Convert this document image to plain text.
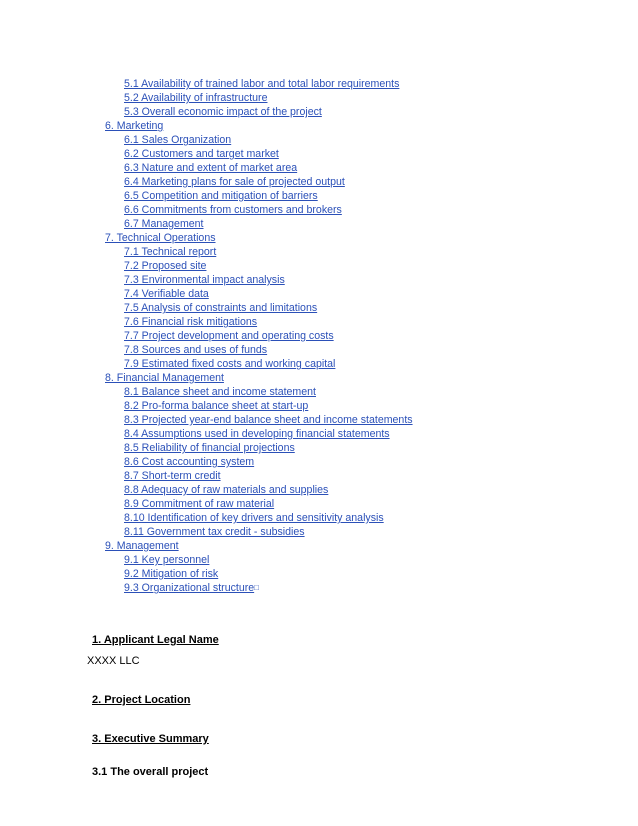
5.1 Availability of trained labor and total labor requirements
5.2 Availability of infrastructure
5.3 Overall economic impact of the project
6. Marketing
6.1 Sales Organization
6.2 Customers and target market
6.3 Nature and extent of market area
6.4 Marketing plans for sale of projected output
6.5 Competition and mitigation of barriers
6.6 Commitments from customers and brokers
6.7 Management
7. Technical Operations
7.1 Technical report
7.2 Proposed site
7.3 Environmental impact analysis
7.4 Verifiable data
7.5 Analysis of constraints and limitations
7.6 Financial risk mitigations
7.7 Project development and operating costs
7.8 Sources and uses of funds
7.9 Estimated fixed costs and working capital
8. Financial Management
8.1 Balance sheet and income statement
8.2 Pro-forma balance sheet at start-up
8.3 Projected year-end balance sheet and income statements
8.4 Assumptions used in developing financial statements
8.5 Reliability of financial projections
8.6 Cost accounting system
8.7 Short-term credit
8.8 Adequacy of raw materials and supplies
8.9 Commitment of raw material
8.10 Identification of key drivers and sensitivity analysis
8.11 Government tax credit - subsidies
9. Management
9.1 Key personnel
9.2 Mitigation of risk
9.3 Organizational structure□
1. Applicant Legal Name
XXXX LLC
2. Project Location
3. Executive Summary
3.1 The overall project
